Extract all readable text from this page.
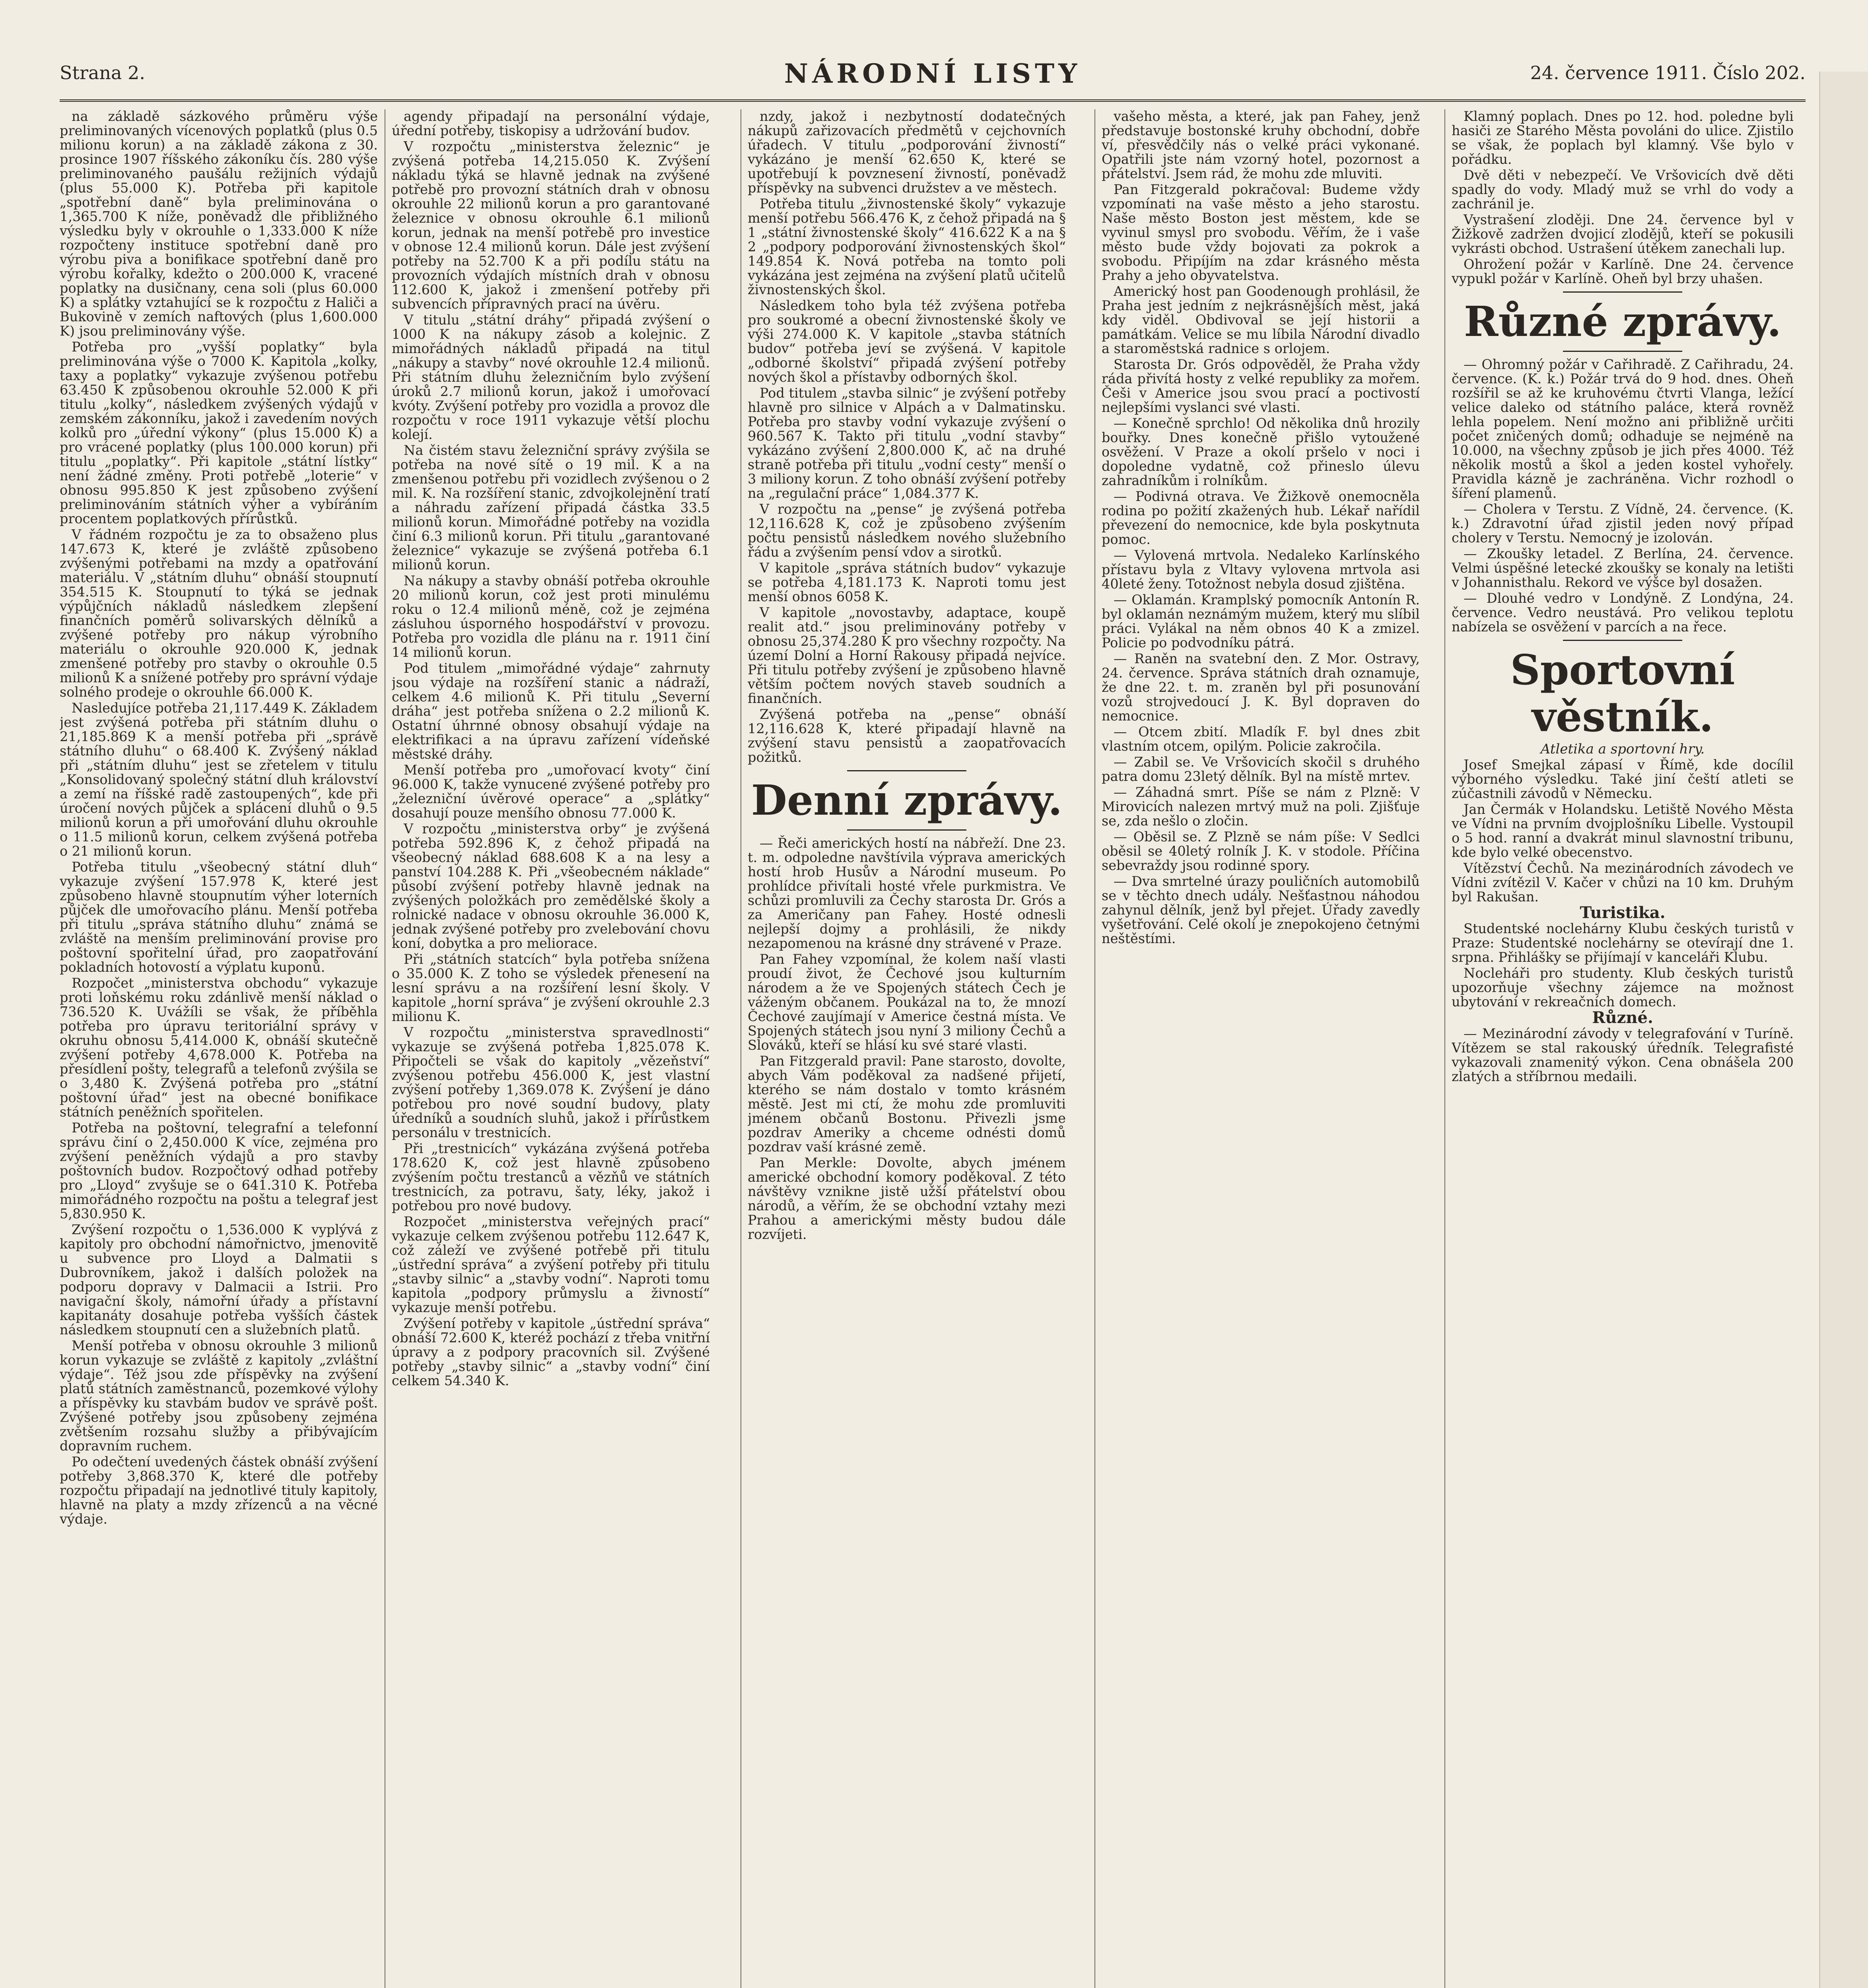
Strana 2.	NÁRODNÍ LISTY	24. července 1911. Číslo 202.

na základě sázkového průměru výše preliminovaných vícenových poplatků (plus 0.5 milionu korun) a na základě zákona z 30. prosince 1907 říšského zákoníku čís. 280 výše preliminovaného paušálu režijních výdajů (plus 55.000 K). Potřeba při kapitole „spotřební daně“ byla preliminována o 1,365.700 K níže, poněvadž dle přibližného výsledku byly v okrouhle o 1,333.000 K níže rozpočteny instituce spotřební daně pro výrobu piva a bonifikace spotřební daně pro výrobu kořalky, kdežto o 200.000 K, vracené poplatky na dusičnany, cena soli (plus 60.000 K) a splátky vztahující se k rozpočtu z Haliči a Bukovině v zemích naftových (plus 1,600.000 K) jsou preliminovány výše.

Potřeba pro „vyšší poplatky“ byla preliminována výše o 7000 K. Kapitola „kolky, taxy a poplatky“ vykazuje zvýšenou potřebu 63.450 K způsobenou okrouhle 52.000 K při titulu „kolky“, následkem zvýšených výdajů v zemském zákonníku, jakož i zavedením nových kolků pro „úřední výkony“ (plus 15.000 K) a pro vrácené poplatky (plus 100.000 korun) při titulu „poplatky“. Při kapitole „státní lístky“ není žádné změny. Proti potřebě „loterie“ v obnosu 995.850 K jest způsobeno zvýšení preliminováním státních výher a vybíráním procentem poplatkových přírůstků.

V řádném rozpočtu je za to obsaženo plus 147.673 K, které je zvláště způsobeno zvýšenými potřebami na mzdy a opatřování materiálu. V „státním dluhu“ obnáší stoupnutí 354.515 K. Stoupnutí to týká se jednak výpůjčních nákladů následkem zlepšení finančních poměrů solivarských dělníků a zvýšené potřeby pro nákup výrobního materiálu o okrouhle 920.000 K, jednak zmenšené potřeby pro stavby o okrouhle 0.5 milionů K a snížené potřeby pro správní výdaje solného prodeje o okrouhle 66.000 K.

Nasledujíce potřeba 21,117.449 K. Základem jest zvýšená potřeba při státním dluhu o 21,185.869 K a menší potřeba při „správě státního dluhu“ o 68.400 K. Zvýšený náklad při „státním dluhu“ jest se zřetelem v titulu „Konsolidovaný společný státní dluh království a zemí na říšské radě zastoupených“, kde při úročení nových půjček a splácení dluhů o 9.5 milionů korun a při umořování dluhu okrouhle o 11.5 milionů korun, celkem zvýšená potřeba o 21 milionů korun.

Potřeba titulu „všeobecný státní dluh“ vykazuje zvýšení 157.978 K, které jest způsobeno hlavně stoupnutím výher loterních půjček dle umořovacího plánu. Menší potřeba při titulu „správa státního dluhu“ známá se zvláště na menším preliminování provise pro poštovní spořitelní úřad, pro zaopatřování pokladních hotovostí a výplatu kuponů.

Rozpočet „ministerstva obchodu“ vykazuje proti loňskému roku zdánlivě menší náklad o 736.520 K. Uvážíli se však, že příběhla potřeba pro úpravu teritoriální správy v okruhu obnosu 5,414.000 K, obnáší skutečně zvýšení potřeby 4,678.000 K. Potřeba na přesídlení pošty, telegrafů a telefonů zvýšila se o 3,480 K. Zvýšená potřeba pro „státní poštovní úřad“ jest na obecné bonifikace státních peněžních spořitelen.

Potřeba na poštovní, telegrafní a telefonní správu činí o 2,450.000 K více, zejména pro zvýšení peněžních výdajů a pro stavby poštovních budov. Rozpočtový odhad potřeby pro „Lloyd“ zvyšuje se o 641.310 K. Potřeba mimořádného rozpočtu na poštu a telegraf jest 5,830.950 K.

Zvýšení rozpočtu o 1,536.000 K vyplývá z kapitoly pro obchodní námořnictvo, jmenovitě u subvence pro Lloyd a Dalmatii s Dubrovníkem, jakož i dalších položek na podporu dopravy v Dalmacii a Istrii. Pro navigační školy, námořní úřady a přístavní kapitanáty dosahuje potřeba vyšších částek následkem stoupnutí cen a služebních platů.

Menší potřeba v obnosu okrouhle 3 milionů korun vykazuje se zvláště z kapitoly „zvláštní výdaje“. Též jsou zde příspěvky na zvýšení platů státních zaměstnanců, pozemkové výlohy a příspěvky ku stavbám budov ve správě pošt. Zvýšené potřeby jsou způsobeny zejména zvětšením rozsahu služby a přibývajícím dopravním ruchem.

Po odečtení uvedených částek obnáší zvýšení potřeby 3,868.370 K, které dle potřeby rozpočtu připadají na jednotlivé tituly kapitoly, hlavně na platy a mzdy zřízenců a na věcné výdaje.

agendy připadají na personální výdaje, úřední potřeby, tiskopisy a udržování budov.

V rozpočtu „ministerstva železnic“ je zvýšená potřeba 14,215.050 K. Zvýšení nákladu týká se hlavně jednak na zvýšené potřebě pro provozní státních drah v obnosu okrouhle 22 milionů korun a pro garantované železnice v obnosu okrouhle 6.1 milionů korun, jednak na menší potřebě pro investice v obnose 12.4 milionů korun. Dále jest zvýšení potřeby na 52.700 K a při podílu státu na provozních výdajích místních drah v obnosu 112.600 K, jakož i zmenšení potřeby při subvencích přípravných prací na úvěru.

V titulu „státní dráhy“ připadá zvýšení o 1000 K na nákupy zásob a kolejnic. Z mimořádných nákladů připadá na titul „nákupy a stavby“ nové okrouhle 12.4 milionů. Při státním dluhu železničním bylo zvýšení úroků 2.7 milionů korun, jakož i umořovací kvóty. Zvýšení potřeby pro vozidla a provoz dle rozpočtu v roce 1911 vykazuje větší plochu kolejí.

Na čistém stavu železniční správy zvýšila se potřeba na nové sítě o 19 mil. K a na zmenšenou potřebu při vozidlech zvýšenou o 2 mil. K. Na rozšíření stanic, zdvojkolejnění tratí a náhradu zařízení připadá částka 33.5 milionů korun. Mimořádné potřeby na vozidla činí 6.3 milionů korun. Při titulu „garantované železnice“ vykazuje se zvýšená potřeba 6.1 milionů korun.

Na nákupy a stavby obnáší potřeba okrouhle 20 milionů korun, což jest proti minulému roku o 12.4 milionů méně, což je zejména zásluhou úsporného hospodářství v provozu. Potřeba pro vozidla dle plánu na r. 1911 činí 14 milionů korun.

Pod titulem „mimořádné výdaje“ zahrnuty jsou výdaje na rozšíření stanic a nádraží, celkem 4.6 milionů K. Při titulu „Severní dráha“ jest potřeba snížena o 2.2 milionů K. Ostatní úhrnné obnosy obsahují výdaje na elektrifikaci a na úpravu zařízení vídeňské městské dráhy.

Menší potřeba pro „umořovací kvoty“ činí 96.000 K, takže vynucené zvýšené potřeby pro „železniční úvěrové operace“ a „splátky“ dosahují pouze menšího obnosu 77.000 K.

V rozpočtu „ministerstva orby“ je zvýšená potřeba 592.896 K, z čehož připadá na všeobecný náklad 688.608 K a na lesy a panství 104.288 K. Při „všeobecném náklade“ působí zvýšení potřeby hlavně jednak na zvýšených položkách pro zemědělské školy a rolnické nadace v obnosu okrouhle 36.000 K, jednak zvýšené potřeby pro zvelebování chovu koní, dobytka a pro meliorace.

Při „státních statcích“ byla potřeba snížena o 35.000 K. Z toho se výsledek přenesení na lesní správu a na rozšíření lesní školy. V kapitole „horní správa“ je zvýšení okrouhle 2.3 milionu K.

V rozpočtu „ministerstva spravedlnosti“ vykazuje se zvýšená potřeba 1,825.078 K. Připočteli se však do kapitoly „vězeňství“ zvýšenou potřebu 456.000 K, jest vlastní zvýšení potřeby 1,369.078 K. Zvýšení je dáno potřebou pro nové soudní budovy, platy úředníků a soudních sluhů, jakož i přírůstkem personálu v trestnicích.

Při „trestnicích“ vykázána zvýšená potřeba 178.620 K, což jest hlavně způsobeno zvýšením počtu trestanců a vězňů ve státních trestnicích, za potravu, šaty, léky, jakož i potřebou pro nové budovy.

Rozpočet „ministerstva veřejných prací“ vykazuje celkem zvýšenou potřebu 112.647 K, což záleží ve zvýšené potřebě při titulu „ústřední správa“ a zvýšení potřeby při titulu „stavby silnic“ a „stavby vodní“. Naproti tomu kapitola „podpory průmyslu a živností“ vykazuje menší potřebu.

Zvýšení potřeby v kapitole „ústřední správa“ obnáší 72.600 K, kteréž pochází z třeba vnitřní úpravy a z podpory pracovních sil. Zvýšené potřeby „stavby silnic“ a „stavby vodní“ činí celkem 54.340 K.

nzdy, jakož i nezbytností dodatečných nákupů zařizovacích předmětů v cejchovních úřadech. V titulu „podporování živností“ vykázáno je menší 62.650 K, které se upotřebují k povznesení živností, poněvadž příspěvky na subvenci družstev a ve městech.

Potřeba titulu „živnostenské školy“ vykazuje menší potřebu 566.476 K, z čehož připadá na § 1 „státní živnostenské školy“ 416.622 K a na § 2 „podpory podporování živnostenských škol“ 149.854 K. Nová potřeba na tomto poli vykázána jest zejména na zvýšení platů učitelů živnostenských škol.

Následkem toho byla též zvýšena potřeba pro soukromé a obecní živnostenské školy ve výši 274.000 K. V kapitole „stavba státních budov“ potřeba jeví se zvýšená. V kapitole „odborné školství“ připadá zvýšení potřeby nových škol a přístavby odborných škol.

Pod titulem „stavba silnic“ je zvýšení potřeby hlavně pro silnice v Alpách a v Dalmatinsku. Potřeba pro stavby vodní vykazuje zvýšení o 960.567 K. Takto při titulu „vodní stavby“ vykázáno zvýšení 2,800.000 K, ač na druhé straně potřeba při titulu „vodní cesty“ menší o 3 miliony korun. Z toho obnáší zvýšení potřeby na „regulační práce“ 1,084.377 K.

V rozpočtu na „pense“ je zvýšená potřeba 12,116.628 K, což je způsobeno zvýšením počtu pensistů následkem nového služebního řádu a zvýšením pensí vdov a sirotků.

V kapitole „správa státních budov“ vykazuje se potřeba 4,181.173 K. Naproti tomu jest menší obnos 6058 K.

V kapitole „novostavby, adaptace, koupě realit atd.“ jsou preliminovány potřeby v obnosu 25,374.280 K pro všechny rozpočty. Na území Dolní a Horní Rakousy připadá nejvíce. Při titulu potřeby zvýšení je způsobeno hlavně větším počtem nových staveb soudních a finančních.

Zvýšená potřeba na „pense“ obnáší 12,116.628 K, které připadají hlavně na zvýšení stavu pensistů a zaopatřovacích požitků.

Denní zprávy.

— Řeči amerických hostí na nábřeží. Dne 23. t. m. odpoledne navštívila výprava amerických hostí hrob Husův a Národní museum. Po prohlídce přivítali hosté vřele purkmistra. Ve schůzi promluvili za Čechy starosta Dr. Grós a za Američany pan Fahey. Hosté odnesli nejlepší dojmy a prohlásili, že nikdy nezapomenou na krásné dny strávené v Praze.

Pan Fahey vzpomínal, že kolem naší vlasti proudí život, že Čechové jsou kulturním národem a že ve Spojených státech Čech je váženým občanem. Poukázal na to, že mnozí Čechové zaujímají v Americe čestná místa. Ve Spojených státech jsou nyní 3 miliony Čechů a Slováků, kteří se hlásí ku své staré vlasti.

Pan Fitzgerald pravil: Pane starosto, dovolte, abych Vám poděkoval za nadšené přijetí, kterého se nám dostalo v tomto krásném městě. Jest mi ctí, že mohu zde promluviti jménem občanů Bostonu. Přivezli jsme pozdrav Ameriky a chceme odnésti domů pozdrav vaší krásné země.

Pan Merkle: Dovolte, abych jménem americké obchodní komory poděkoval. Z této návštěvy vznikne jistě užší přátelství obou národů, a věřím, že se obchodní vztahy mezi Prahou a americkými městy budou dále rozvíjeti.

vašeho města, a které, jak pan Fahey, jenž představuje bostonské kruhy obchodní, dobře ví, přesvědčily nás o velké práci vykonané. Opatřili jste nám vzorný hotel, pozornost a přátelství. Jsem rád, že mohu zde mluviti.

Pan Fitzgerald pokračoval: Budeme vždy vzpomínati na vaše město a jeho starostu. Naše město Boston jest městem, kde se vyvinul smysl pro svobodu. Věřím, že i vaše město bude vždy bojovati za pokrok a svobodu. Připíjím na zdar krásného města Prahy a jeho obyvatelstva.

Americký host pan Goodenough prohlásil, že Praha jest jedním z nejkrásnějších měst, jaká kdy viděl. Obdivoval se její historii a památkám. Velice se mu líbila Národní divadlo a staroměstská radnice s orlojem.

Starosta Dr. Grós odpověděl, že Praha vždy ráda přivítá hosty z velké republiky za mořem. Češi v Americe jsou svou prací a poctivostí nejlepšími vyslanci své vlasti.

— Konečně sprchlo! Od několika dnů hrozily bouřky. Dnes konečně přišlo vytoužené osvěžení. V Praze a okolí pršelo v noci i dopoledne vydatně, což přineslo úlevu zahradníkům i rolníkům.

— Podivná otrava. Ve Žižkově onemocněla rodina po požití zkažených hub. Lékař nařídil převezení do nemocnice, kde byla poskytnuta pomoc.

— Vylovená mrtvola. Nedaleko Karlínského přístavu byla z Vltavy vylovena mrtvola asi 40leté ženy. Totožnost nebyla dosud zjištěna.

— Oklamán. Kramplský pomocník Antonín R. byl oklamán neznámým mužem, který mu slíbil práci. Vylákal na něm obnos 40 K a zmizel. Policie po podvodníku pátrá.

— Raněn na svatební den. Z Mor. Ostravy, 24. července. Správa státních drah oznamuje, že dne 22. t. m. zraněn byl při posunování vozů strojvedoucí J. K. Byl dopraven do nemocnice.

— Otcem zbití. Mladík F. byl dnes zbit vlastním otcem, opilým. Policie zakročila.

— Zabil se. Ve Vršovicích skočil s druhého patra domu 23letý dělník. Byl na místě mrtev.

— Záhadná smrt. Píše se nám z Plzně: V Mirovicích nalezen mrtvý muž na poli. Zjišťuje se, zda nešlo o zločin.

— Oběsil se. Z Plzně se nám píše: V Sedlci oběsil se 40letý rolník J. K. v stodole. Příčina sebevraždy jsou rodinné spory.

— Dva smrtelné úrazy pouličních automobilů se v těchto dnech udály. Nešťastnou náhodou zahynul dělník, jenž byl přejet. Úřady zavedly vyšetřování. Celé okolí je znepokojeno četnými neštěstími.

Klamný poplach. Dnes po 12. hod. poledne byli hasiči ze Starého Města povoláni do ulice. Zjistilo se však, že poplach byl klamný. Vše bylo v pořádku.

Dvě děti v nebezpečí. Ve Vršovicích dvě děti spadly do vody. Mladý muž se vrhl do vody a zachránil je.

Vystrašení zloději. Dne 24. července byl v Žižkově zadržen dvojicí zlodějů, kteří se pokusili vykrásti obchod. Ustrašení útěkem zanechali lup.

Ohrožení požár v Karlíně. Dne 24. července vypukl požár v Karlíně. Oheň byl brzy uhašen.

Různé zprávy.

— Ohromný požár v Cařihradě. Z Cařihradu, 24. července. (K. k.) Požár trvá do 9 hod. dnes. Oheň rozšířil se až ke kruhovému čtvrti Vlanga, ležící velice daleko od státního paláce, která rovněž lehla popelem. Není možno ani přibližně určiti počet zničených domů; odhaduje se nejméně na 10.000, na všechny způsob je jich přes 4000. Též několik mostů a škol a jeden kostel vyhořely. Pravidla kázně je zachráněna. Vichr rozhodl o šíření plamenů.

— Cholera v Terstu. Z Vídně, 24. července. (K. k.) Zdravotní úřad zjistil jeden nový případ cholery v Terstu. Nemocný je izolován.

— Zkoušky letadel. Z Berlína, 24. července. Velmi úspěšné letecké zkoušky se konaly na letišti v Johannisthalu. Rekord ve výšce byl dosažen.

— Dlouhé vedro v Londýně. Z Londýna, 24. července. Vedro neustává. Pro velikou teplotu nabízela se osvěžení v parcích a na řece.

Sportovní věstník.

Atletika a sportovní hry.

Josef Smejkal zápasí v Římě, kde docílil výborného výsledku. Také jiní čeští atleti se zúčastnili závodů v Německu.

Jan Čermák v Holandsku. Letiště Nového Města ve Vídni na prvním dvojplošníku Libelle. Vystoupil o 5 hod. ranní a dvakrát minul slavnostní tribunu, kde bylo velké obecenstvo.

Vítězství Čechů. Na mezinárodních závodech ve Vídni zvítězil V. Kačer v chůzi na 10 km. Druhým byl Rakušan.

Turistika.

Studentské noclehárny Klubu českých turistů v Praze: Studentské noclehárny se otevírají dne 1. srpna. Přihlášky se přijímají v kanceláři Klubu.

Nocleháři pro studenty. Klub českých turistů upozorňuje všechny zájemce na možnost ubytování v rekreačních domech.

Různé.

— Mezinárodní závody v telegrafování v Turíně. Vítězem se stal rakouský úředník. Telegrafisté vykazovali znamenitý výkon. Cena obnášela 200 zlatých a stříbrnou medaili.
